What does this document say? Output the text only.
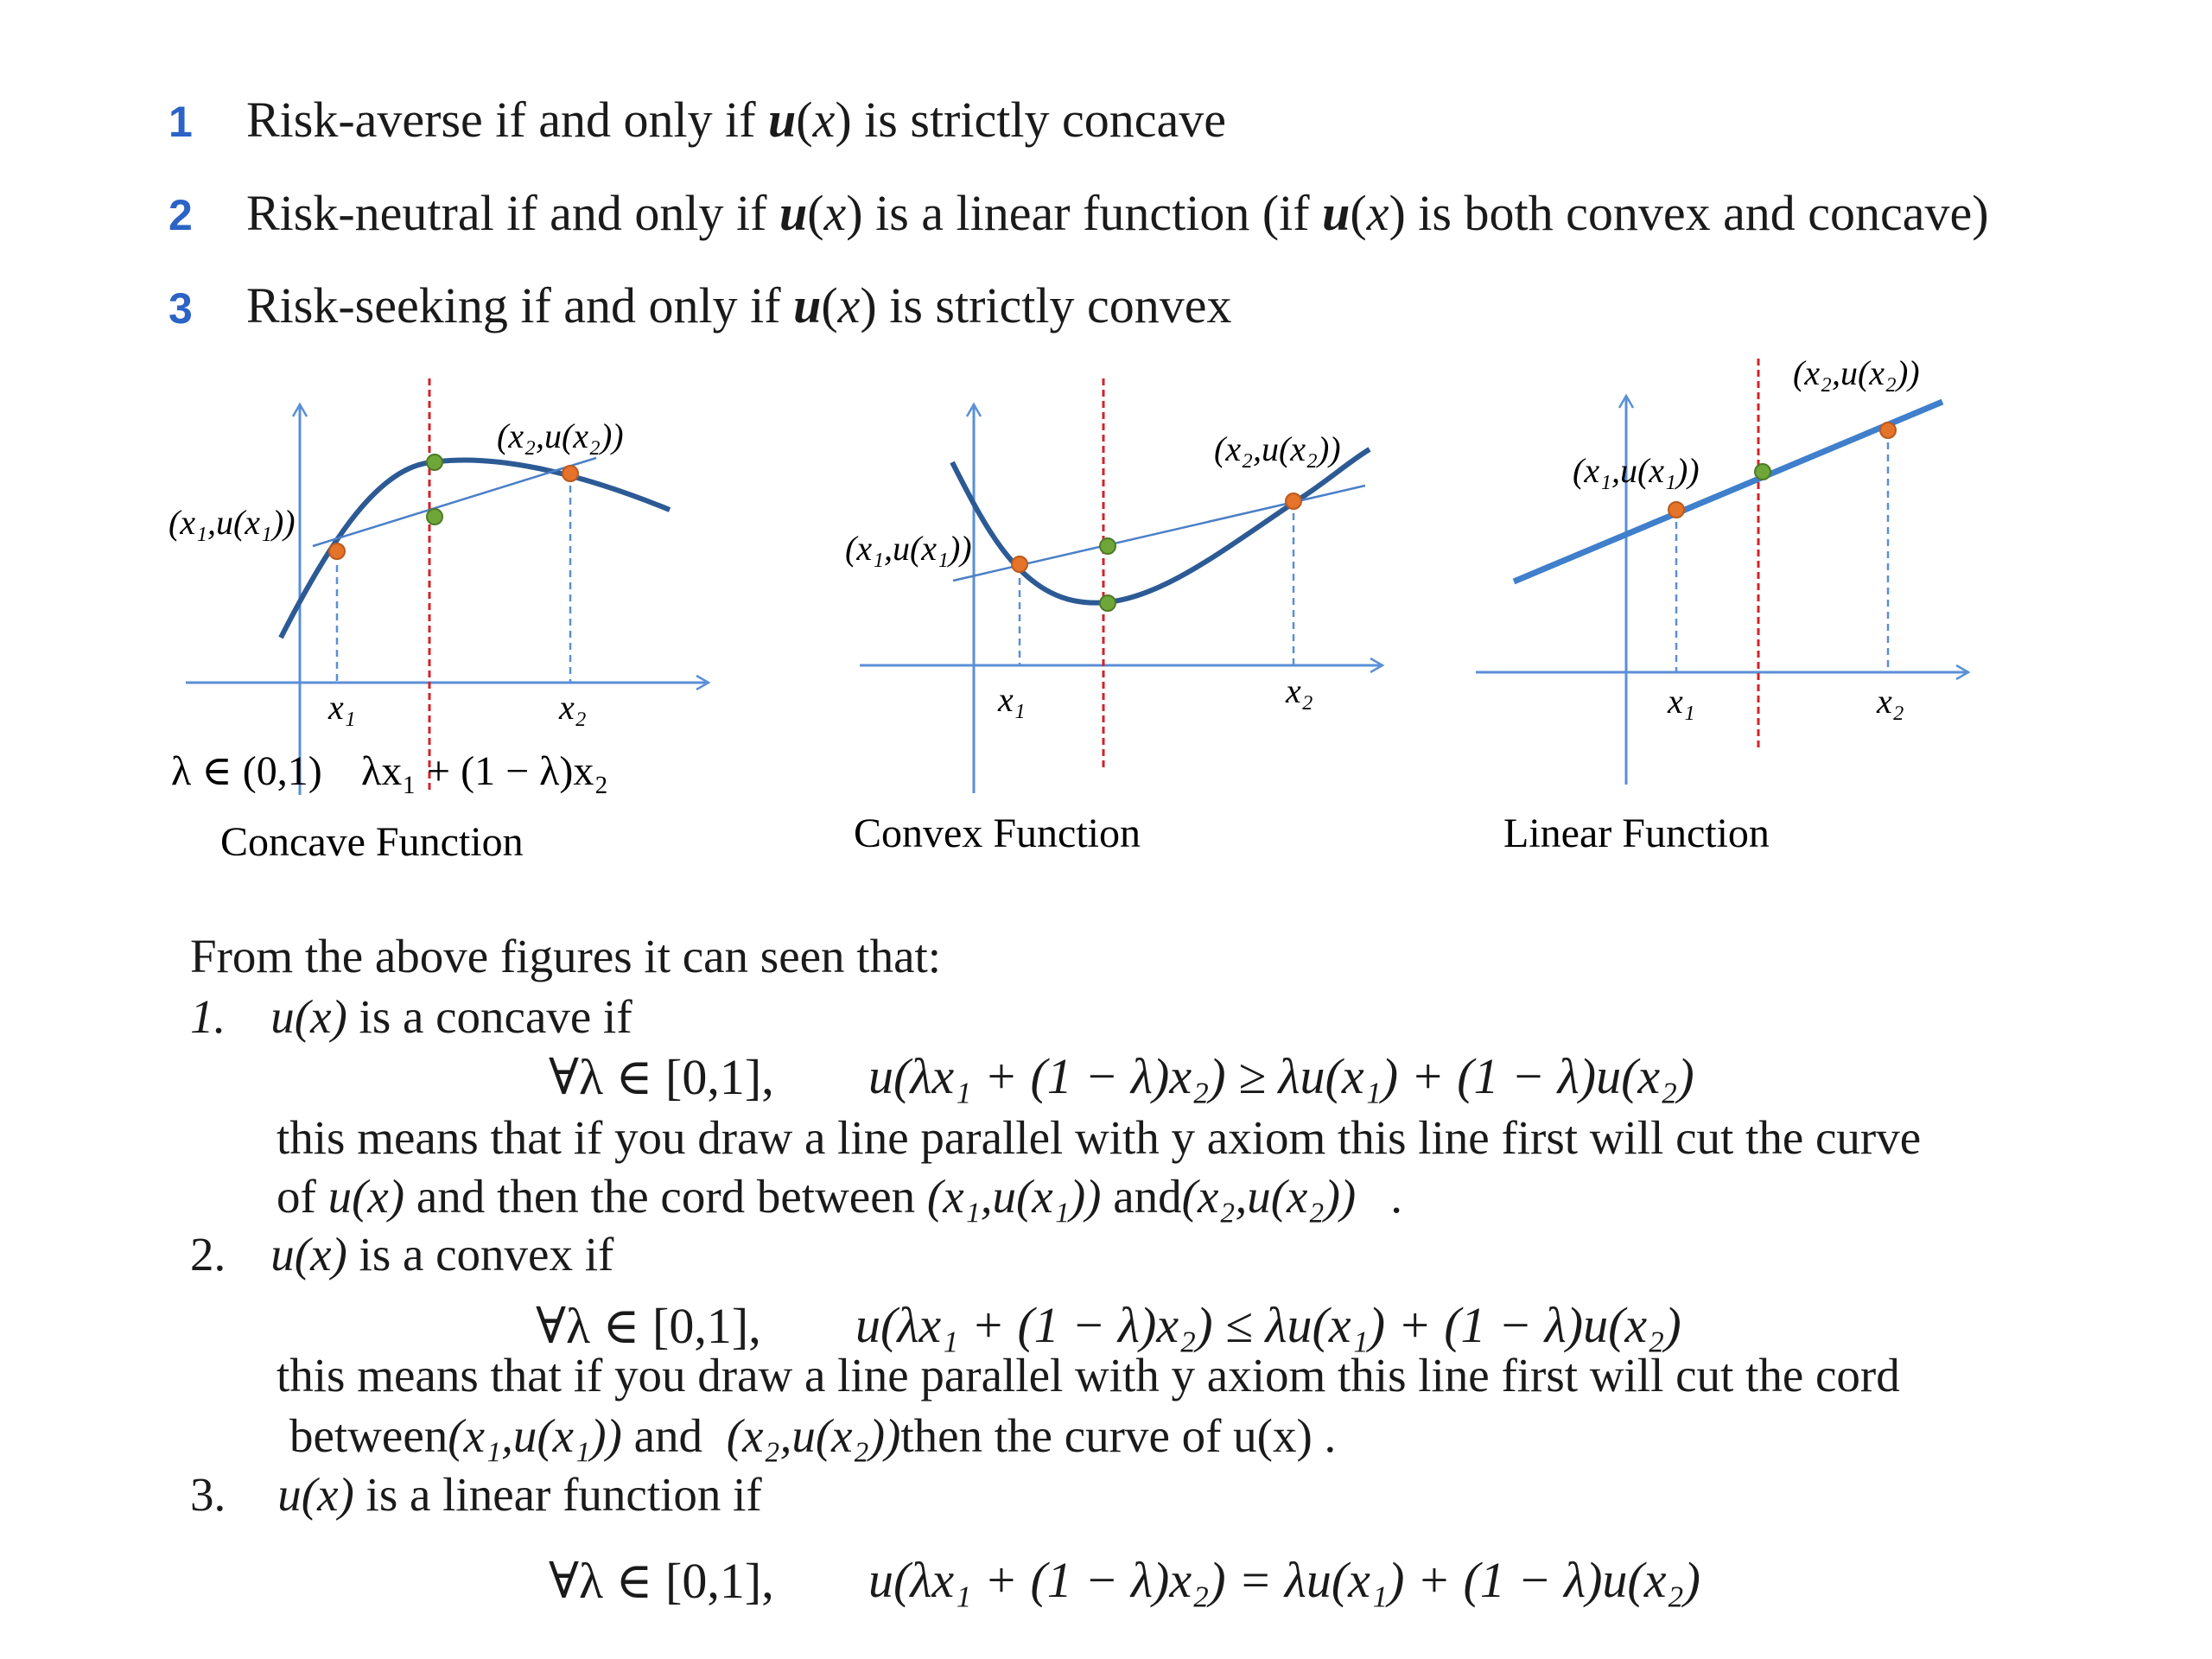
1 Risk-averse if and only if u(x) is strictly concave
2 Risk-neutral if and only if u(x) is a linear function (if u(x) is both convex and concave)
3 Risk-seeking if and only if u(x) is strictly convex
(x₂,u(x₂))
(x₁,u(x₁))
x₁	x₂
λ ∈ (0,1) λx₁ + (1 − λ)x₂
Concave Function
(x₂,u(x₂))
(x₁,u(x₁))
x₁	x₂
Convex Function
(x₂,u(x₂))
(x₁,u(x₁))
x₁	x₂
Linear Function
From the above figures it can seen that:
1. u(x) is a concave if
∀λ ∈ [0,1], u(λx₁ + (1 − λ)x₂) ≥ λu(x₁) + (1 − λ)u(x₂)
this means that if you draw a line parallel with y axiom this line first will cut the curve
of u(x) and then the cord between (x₁,u(x₁)) and(x₂,u(x₂)) .
2. u(x) is a convex if
∀λ ∈ [0,1], u(λx₁ + (1 − λ)x₂) ≤ λu(x₁) + (1 − λ)u(x₂)
this means that if you draw a line parallel with y axiom this line first will cut the cord
between(x₁,u(x₁)) and (x₂,u(x₂))then the curve of u(x) .
3. u(x) is a linear function if
∀λ ∈ [0,1], u(λx₁ + (1 − λ)x₂) = λu(x₁) + (1 − λ)u(x₂)
